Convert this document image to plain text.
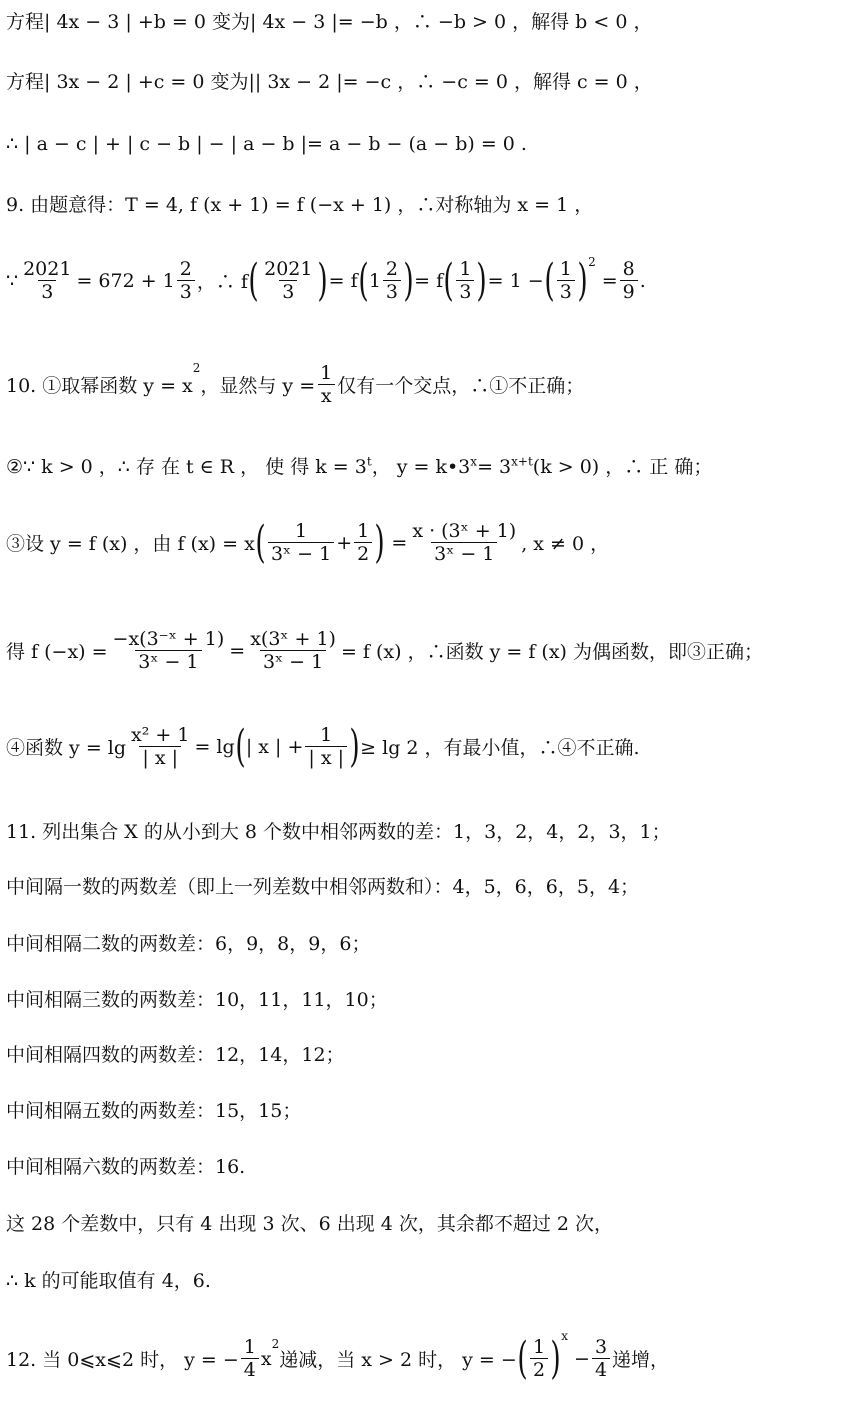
方程| 4x − 3 | +b = 0 变为| 4x − 3 |= −b ，∴ −b > 0 ，解得 b < 0 ，
方程| 3x − 2 | +c = 0 变为|| 3x − 2 |= −c ，∴ −c = 0 ，解得 c = 0 ，
∴ | a − c | + | c − b | − | a − b |= a − b − (a − b) = 0 .
9. 由题意得：T = 4, f (x + 1) = f (−x + 1) ，∴对称轴为 x = 1 ，
∵ $\frac{2021}{3} = 672 + 1 \frac{2}{3}$ ，∴ f ( $\frac{2021}{3}$ ) = f ( $1 \frac{2}{3}$ ) = f ( $\frac{1}{3}$ ) = 1 − ( $\frac{1}{3}$ ) 2
= $\frac{8}{9}$ .
10. ①取幂函数 y = x
2
，显然与 $y = \frac{1}{x}$ 仅有一个交点，∴①不正确；
②∵ k > 0 ，∴ 存 在 t ∈ R ， 使 得 $k = 3^t$， $y = k•3^x= 3^{x+t}(k > 0)$ ，∴ 正 确；
③设 y = f (x) ，由 f (x) = x ( $\frac{1}{\text{3ˣ − 1}} + \frac{1}{2}$ ) = $\frac{\text{x · (3ˣ + 1)}}{\text{3ˣ − 1}}$ , x ≠ 0 ，
得 f $(-x) = \frac{\text{−x(3⁻ˣ + 1)}}{\text{3ˣ − 1}} = \frac{\text{x(3ˣ + 1)}}{\text{3ˣ − 1}} = f$ (x) ，∴函数 y = f (x) 为偶函数，即③正确；
④函数 $y = \lg \frac{\text{x² + 1}}{| x |} = \lg$ ( | x | + $\frac{1}{| x |}$ ) ≥ lg 2 ，有最小值，∴④不正确.
11. 列出集合 X 的从小到大 8 个数中相邻两数的差：1，3，2，4，2，3，1；
中间隔一数的两数差（即上一列差数中相邻两数和）：4，5，6，6，5，4；
中间相隔二数的两数差：6，9，8，9，6；
中间相隔三数的两数差：10，11，11，10；
中间相隔四数的两数差：12，14，12；
中间相隔五数的两数差：15，15；
中间相隔六数的两数差：16.
这 28 个差数中，只有 4 出现 3 次、6 出现 4 次，其余都不超过 2 次，
∴ k 的可能取值有 4，6.
12. 当 0⩽x⩽2 时， y = − $\frac{1}{4}$ x
2
递减，当 x > 2 时， y = − ( $\frac{1}{2}$ ) x
− $\frac{3}{4}$ 递增，
